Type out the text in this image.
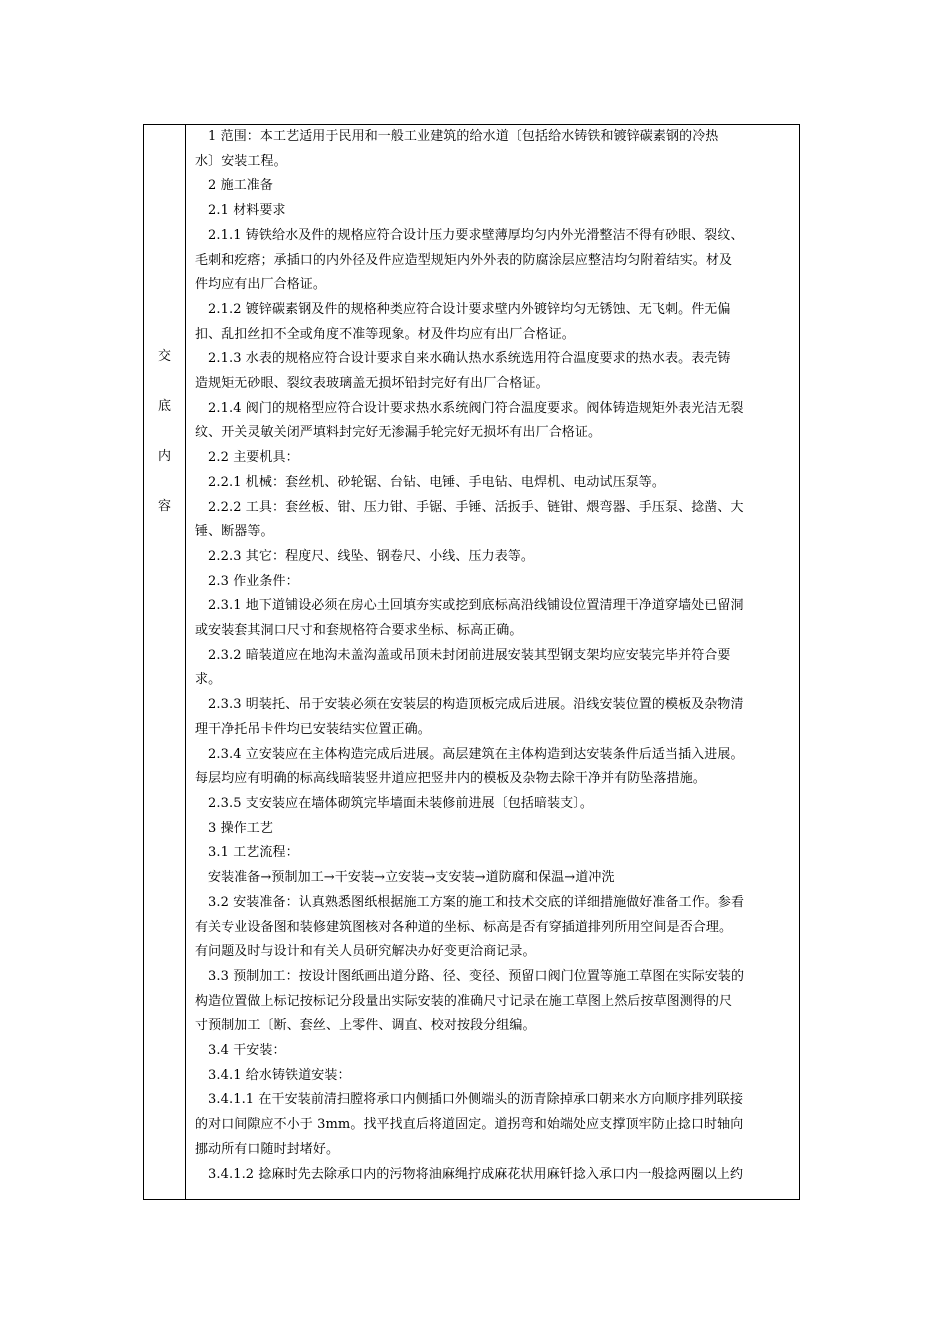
交
底
内
容
1 范围：本工艺适用于民用和一般工业建筑的给水道〔包括给水铸铁和镀锌碳素钢的冷热
水〕安装工程。
2 施工准备
2.1 材料要求
2.1.1 铸铁给水及件的规格应符合设计压力要求壁薄厚均匀内外光滑整洁不得有砂眼、裂纹、
毛刺和疙瘩；承插口的内外径及件应造型规矩内外外表的防腐涂层应整洁均匀附着结实。材及
件均应有出厂合格证。
2.1.2 镀锌碳素钢及件的规格种类应符合设计要求壁内外镀锌均匀无锈蚀、无飞刺。件无偏
扣、乱扣丝扣不全或角度不准等现象。材及件均应有出厂合格证。
2.1.3 水表的规格应符合设计要求自来水确认热水系统选用符合温度要求的热水表。表壳铸
造规矩无砂眼、裂纹表玻璃盖无损坏铅封完好有出厂合格证。
2.1.4 阀门的规格型应符合设计要求热水系统阀门符合温度要求。阀体铸造规矩外表光洁无裂
纹、开关灵敏关闭严填料封完好无渗漏手轮完好无损坏有出厂合格证。
2.2 主要机具：
2.2.1 机械：套丝机、砂轮锯、台钻、电锤、手电钻、电焊机、电动试压泵等。
2.2.2 工具：套丝板、钳、压力钳、手锯、手锤、活扳手、链钳、煨弯器、手压泵、捻凿、大
锤、断器等。
2.2.3 其它：程度尺、线坠、钢卷尺、小线、压力表等。
2.3 作业条件：
2.3.1 地下道铺设必须在房心土回填夯实或挖到底标高沿线铺设位置清理干净道穿墙处已留洞
或安装套其洞口尺寸和套规格符合要求坐标、标高正确。
2.3.2 暗装道应在地沟未盖沟盖或吊顶未封闭前进展安装其型钢支架均应安装完毕并符合要
求。
2.3.3 明装托、吊于安装必须在安装层的构造顶板完成后进展。沿线安装位置的模板及杂物清
理干净托吊卡件均已安装结实位置正确。
2.3.4 立安装应在主体构造完成后进展。高层建筑在主体构造到达安装条件后适当插入进展。
每层均应有明确的标高线暗装竖井道应把竖井内的模板及杂物去除干净并有防坠落措施。
2.3.5 支安装应在墙体砌筑完毕墙面未装修前进展〔包括暗装支〕。
3 操作工艺
3.1 工艺流程：
安装准备→预制加工→干安装→立安装→支安装→道防腐和保温→道冲洗
3.2 安装准备：认真熟悉图纸根据施工方案的施工和技术交底的详细措施做好准备工作。参看
有关专业设备图和装修建筑图核对各种道的坐标、标高是否有穿插道排列所用空间是否合理。
有问题及时与设计和有关人员研究解决办好变更洽商记录。
3.3 预制加工：按设计图纸画出道分路、径、变径、预留口阀门位置等施工草图在实际安装的
构造位置做上标记按标记分段量出实际安装的准确尺寸记录在施工草图上然后按草图测得的尺
寸预制加工〔断、套丝、上零件、调直、校对按段分组编。
3.4 干安装：
3.4.1 给水铸铁道安装：
3.4.1.1 在干安装前清扫膛将承口内侧插口外侧端头的沥青除掉承口朝来水方向顺序排列联接
的对口间隙应不小于 3mm。找平找直后将道固定。道拐弯和始端处应支撑顶牢防止捻口时轴向
挪动所有口随时封堵好。
3.4.1.2 捻麻时先去除承口内的污物将油麻绳拧成麻花状用麻钎捻入承口内一般捻两圈以上约
